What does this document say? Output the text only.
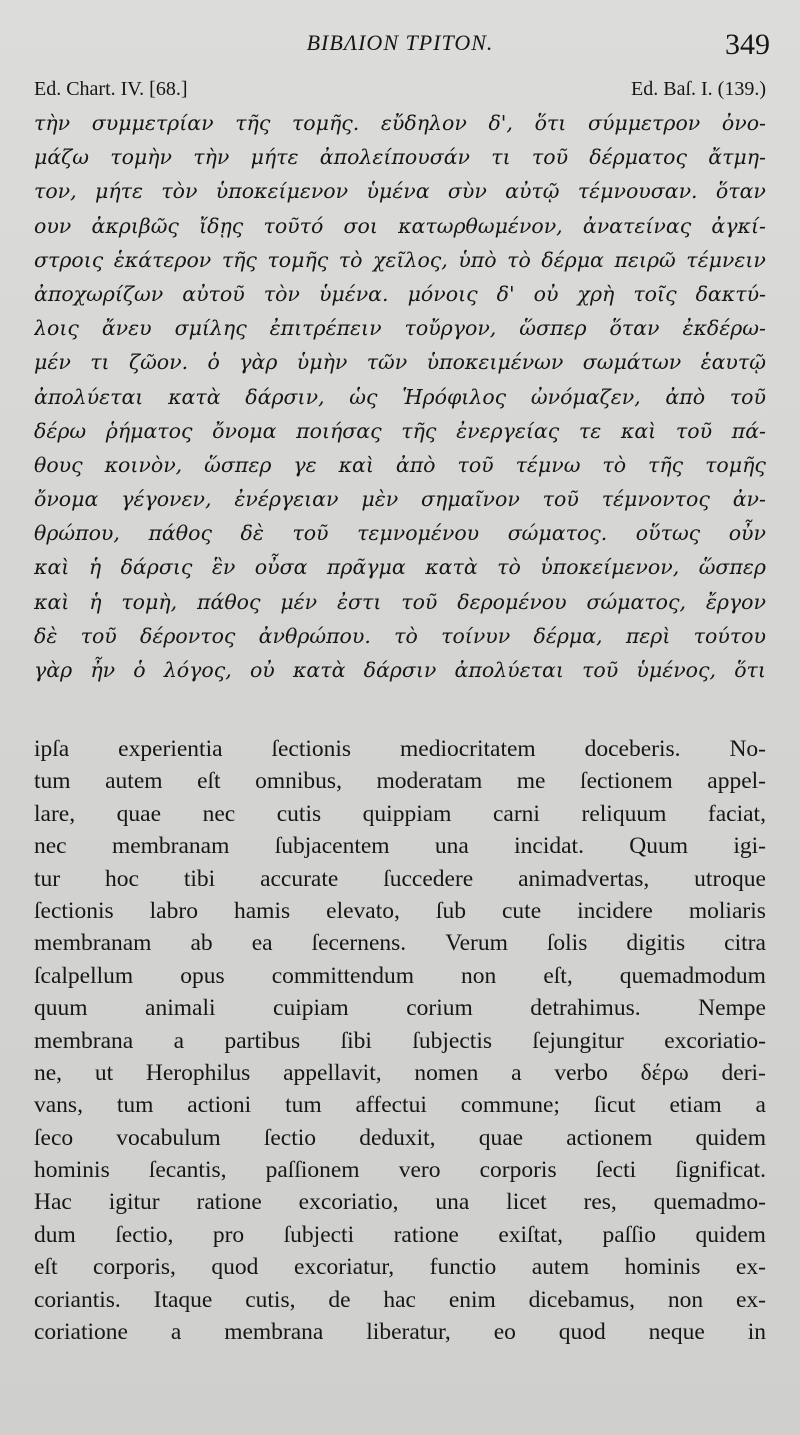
BIBΛIOΝ TPITON.	349
Ed. Chart. IV. [68.]	Ed. Baſ. I. (139.)
τὴν συμμετρίαν τῆς τομῆς. εὔδηλον δ', ὅτι σύμμετρον ὀνο-
μάζω τομὴν τὴν μήτε ἀπολείπουσάν τι τοῦ δέρματος ἄτμη-
τον, μήτε τὸν ὑποκείμενον ὑμένα σὺν αὐτῷ τέμνουσαν. ὅταν
ουν ἀκριβῶς ἴδῃς τοῦτό σοι κατωρθωμένον, ἀνατείνας ἀγκί-
στροις ἑκάτερον τῆς τομῆς τὸ χεῖλος, ὑπὸ τὸ δέρμα πειρῶ τέμνειν
ἀποχωρίζων αὐτοῦ τὸν ὑμένα. μόνοις δ' οὐ χρὴ τοῖς δακτύ-
λοις ἄνευ σμίλης ἐπιτρέπειν τοὔργον, ὥσπερ ὅταν ἐκδέρω-
μέν τι ζῶον. ὁ γὰρ ὑμὴν τῶν ὑποκειμένων σωμάτων ἑαυτῷ
ἀπολύεται κατὰ δάρσιν, ὡς Ἡρόφιλος ὠνόμαζεν, ἀπὸ τοῦ
δέρω ῥήματος ὄνομα ποιήσας τῆς ἐνεργείας τε καὶ τοῦ πά-
θους κοινὸν, ὥσπερ γε καὶ ἀπὸ τοῦ τέμνω τὸ τῆς τομῆς
ὄνομα γέγονεν, ἐνέργειαν μὲν σημαῖνον τοῦ τέμνοντος ἀν-
θρώπου, πάθος δὲ τοῦ τεμνομένου σώματος. οὕτως οὖν
καὶ ἡ δάρσις ἓν οὖσα πρᾶγμα κατὰ τὸ ὑποκείμενον, ὥσπερ
καὶ ἡ τομὴ, πάθος μέν ἐστι τοῦ δερομένου σώματος, ἔργον
δὲ τοῦ δέροντος ἀνθρώπου. τὸ τοίνυν δέρμα, περὶ τούτου
γὰρ ἦν ὁ λόγος, οὐ κατὰ δάρσιν ἀπολύεται τοῦ ὑμένος, ὅτι
ipſa experientia ſectionis mediocritatem doceberis. No-
tum autem eſt omnibus, moderatam me ſectionem appel-
lare, quae nec cutis quippiam carni reliquum faciat,
nec membranam ſubjacentem una incidat. Quum igi-
tur hoc tibi accurate ſuccedere animadvertas, utroque
ſectionis labro hamis elevato, ſub cute incidere moliaris
membranam ab ea ſecernens. Verum ſolis digitis citra
ſcalpellum opus committendum non eſt, quemadmodum
quum animali cuipiam corium detrahimus. Nempe
membrana a partibus ſibi ſubjectis ſejungitur excoriatio-
ne, ut Herophilus appellavit, nomen a verbo δέρω deri-
vans, tum actioni tum affectui commune; ſicut etiam a
ſeco vocabulum ſectio deduxit, quae actionem quidem
hominis ſecantis, paſſionem vero corporis ſecti ſignificat.
Hac igitur ratione excoriatio, una licet res, quemadmo-
dum ſectio, pro ſubjecti ratione exiſtat, paſſio quidem
eſt corporis, quod excoriatur, functio autem hominis ex-
coriantis. Itaque cutis, de hac enim dicebamus, non ex-
coriatione a membrana liberatur, eo quod neque in
